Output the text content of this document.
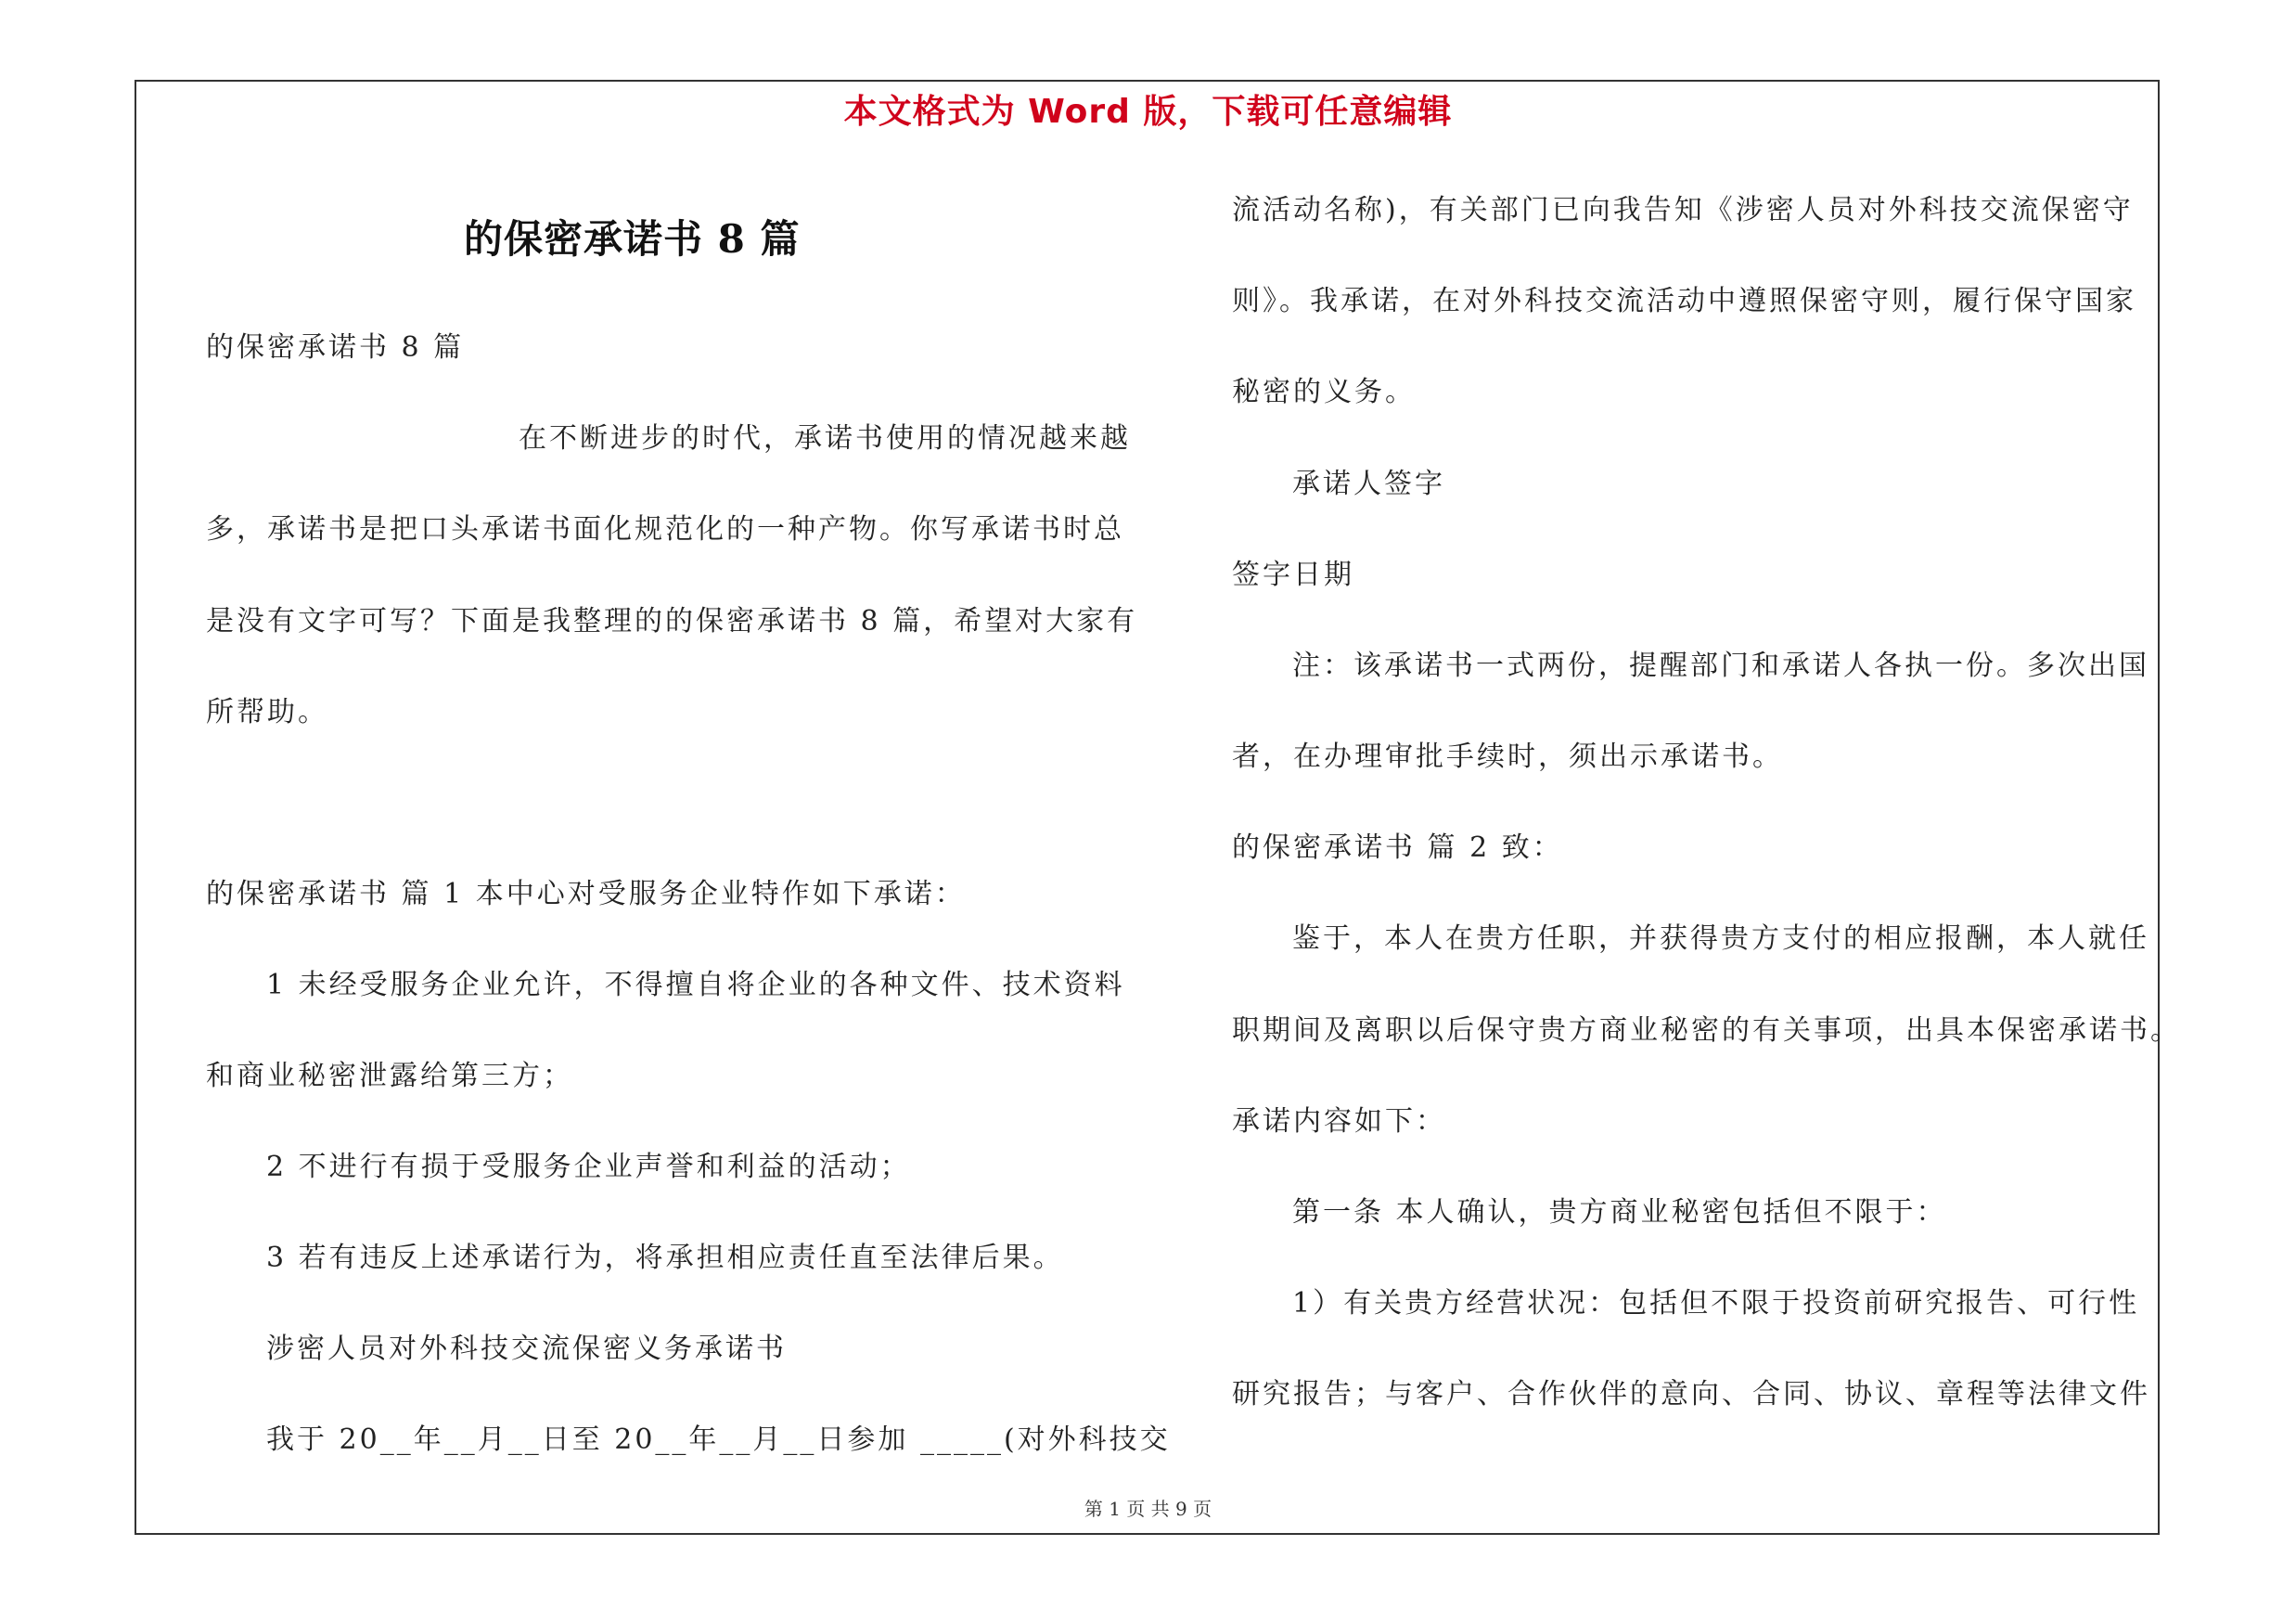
本文格式为 Word 版，下载可任意编辑
的保密承诺书 8 篇
的保密承诺书 8 篇
在不断进步的时代，承诺书使用的情况越来越
多，承诺书是把口头承诺书面化规范化的一种产物。你写承诺书时总
是没有文字可写？下面是我整理的的保密承诺书 8 篇，希望对大家有
所帮助。
的保密承诺书 篇 1 本中心对受服务企业特作如下承诺：
1 未经受服务企业允许，不得擅自将企业的各种文件、技术资料
和商业秘密泄露给第三方；
2 不进行有损于受服务企业声誉和利益的活动；
3 若有违反上述承诺行为，将承担相应责任直至法律后果。
涉密人员对外科技交流保密义务承诺书
我于 20__年__月__日至 20__年__月__日参加 _____(对外科技交
流活动名称)，有关部门已向我告知《涉密人员对外科技交流保密守
则》。我承诺，在对外科技交流活动中遵照保密守则，履行保守国家
秘密的义务。
承诺人签字
签字日期
注：该承诺书一式两份，提醒部门和承诺人各执一份。多次出国
者，在办理审批手续时，须出示承诺书。
的保密承诺书 篇 2 致：
鉴于，本人在贵方任职，并获得贵方支付的相应报酬，本人就任
职期间及离职以后保守贵方商业秘密的有关事项，出具本保密承诺书。
承诺内容如下：
第一条 本人确认，贵方商业秘密包括但不限于：
1）有关贵方经营状况：包括但不限于投资前研究报告、可行性
研究报告；与客户、合作伙伴的意向、合同、协议、章程等法律文件
第 1 页 共 9 页
